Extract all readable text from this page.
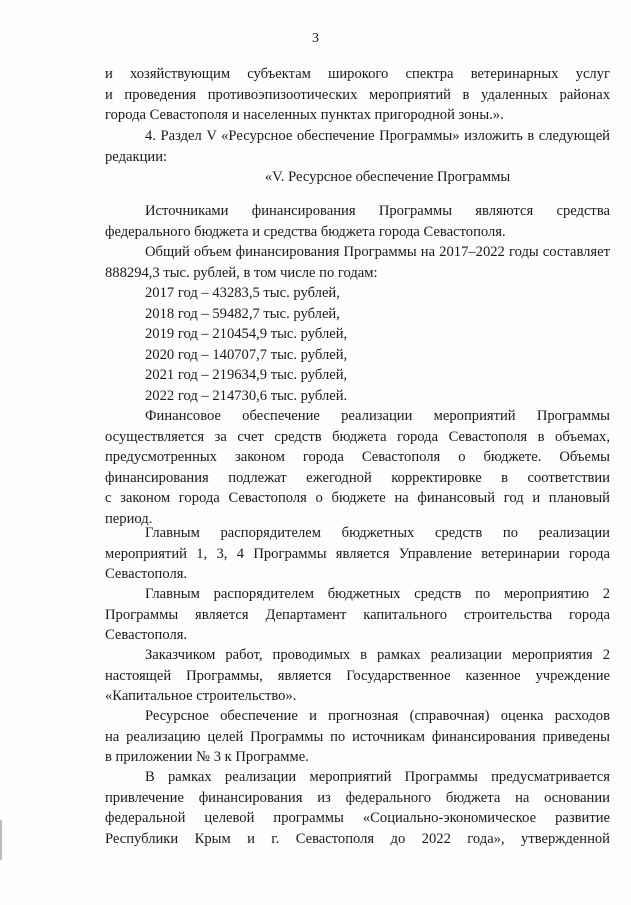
3
и хозяйствующим субъектам широкого спектра ветеринарных услуг
и проведения противоэпизоотических мероприятий в удаленных районах
города Севастополя и населенных пунктах пригородной зоны.».
4. Раздел V «Ресурсное обеспечение Программы» изложить в следующей
редакции:
«V. Ресурсное обеспечение Программы
Источниками финансирования Программы являются средства
федерального бюджета и средства бюджета города Севастополя.
Общий объем финансирования Программы на 2017–2022 годы составляет
888294,3 тыс. рублей, в том числе по годам:
2017 год – 43283,5 тыс. рублей,
2018 год – 59482,7 тыс. рублей,
2019 год – 210454,9 тыс. рублей,
2020 год – 140707,7 тыс. рублей,
2021 год – 219634,9 тыс. рублей,
2022 год – 214730,6 тыс. рублей.
Финансовое обеспечение реализации мероприятий Программы
осуществляется за счет средств бюджета города Севастополя в объемах,
предусмотренных законом города Севастополя о бюджете. Объемы
финансирования подлежат ежегодной корректировке в соответствии
с законом города Севастополя о бюджете на финансовый год и плановый
период.
Главным распорядителем бюджетных средств по реализации
мероприятий 1, 3, 4 Программы является Управление ветеринарии города
Севастополя.
Главным распорядителем бюджетных средств по мероприятию 2
Программы является Департамент капитального строительства города
Севастополя.
Заказчиком работ, проводимых в рамках реализации мероприятия 2
настоящей Программы, является Государственное казенное учреждение
«Капитальное строительство».
Ресурсное обеспечение и прогнозная (справочная) оценка расходов
на реализацию целей Программы по источникам финансирования приведены
в приложении № 3 к Программе.
В рамках реализации мероприятий Программы предусматривается
привлечение финансирования из федерального бюджета на основании
федеральной целевой программы «Социально-экономическое развитие
Республики Крым и г. Севастополя до 2022 года», утвержденной
